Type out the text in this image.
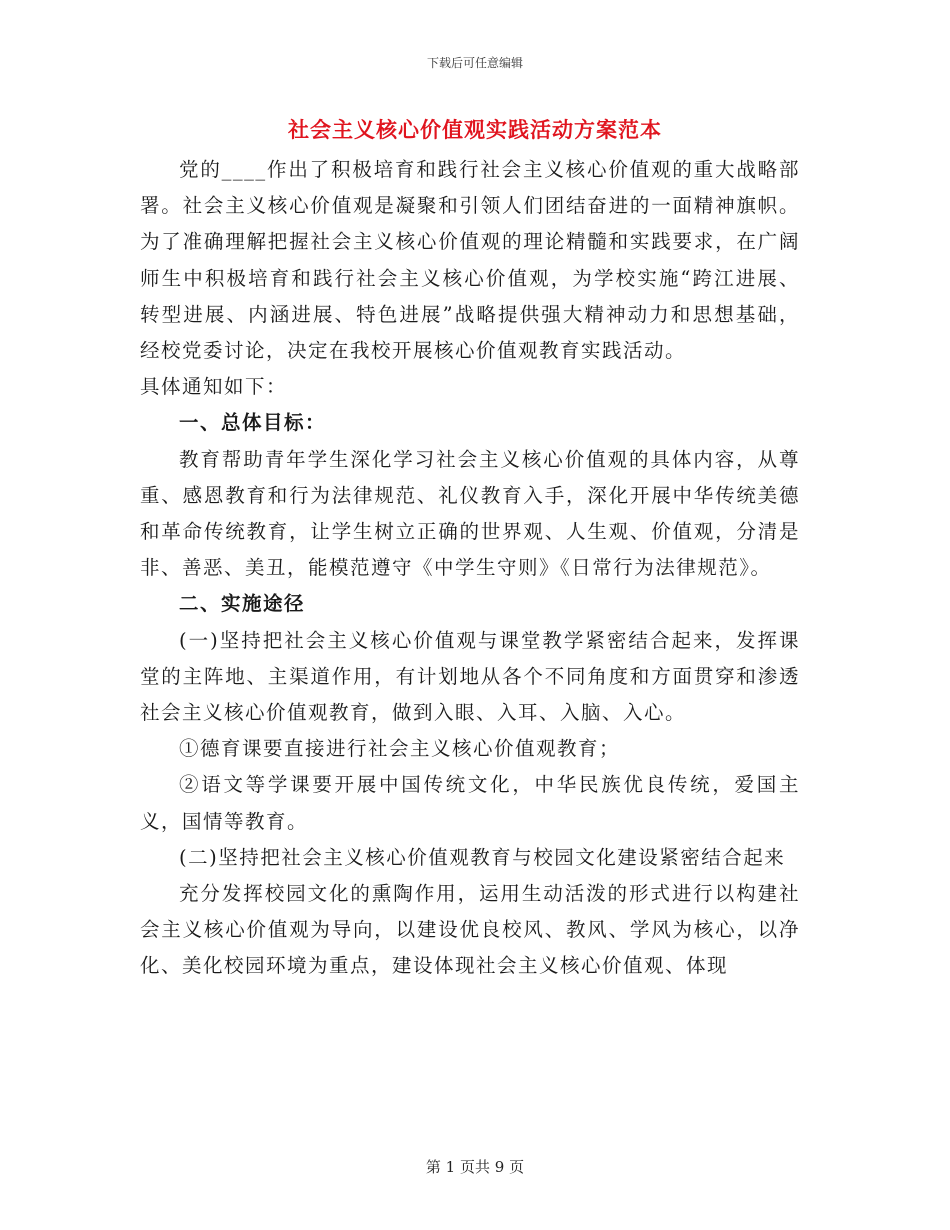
下载后可任意编辑
社会主义核心价值观实践活动方案范本

党的____作出了积极培育和践行社会主义核心价值观的重大战略部署。社会主义核心价值观是凝聚和引领人们团结奋进的一面精神旗帜。为了准确理解把握社会主义核心价值观的理论精髓和实践要求，在广阔师生中积极培育和践行社会主义核心价值观，为学校实施“跨江进展、转型进展、内涵进展、特色进展”战略提供强大精神动力和思想基础，经校党委讨论，决定在我校开展核心价值观教育实践活动。

具体通知如下：

一、总体目标：

教育帮助青年学生深化学习社会主义核心价值观的具体内容，从尊重、感恩教育和行为法律规范、礼仪教育入手，深化开展中华传统美德和革命传统教育，让学生树立正确的世界观、人生观、价值观，分清是非、善恶、美丑，能模范遵守《中学生守则》《日常行为法律规范》。

二、实施途径

(一)坚持把社会主义核心价值观与课堂教学紧密结合起来，发挥课堂的主阵地、主渠道作用，有计划地从各个不同角度和方面贯穿和渗透社会主义核心价值观教育，做到入眼、入耳、入脑、入心。

①德育课要直接进行社会主义核心价值观教育；

②语文等学课要开展中国传统文化，中华民族优良传统，爱国主义，国情等教育。

(二)坚持把社会主义核心价值观教育与校园文化建设紧密结合起来

充分发挥校园文化的熏陶作用，运用生动活泼的形式进行以构建社会主义核心价值观为导向，以建设优良校风、教风、学风为核心，以净化、美化校园环境为重点，建设体现社会主义核心价值观、体现

第 1 页共 9 页
